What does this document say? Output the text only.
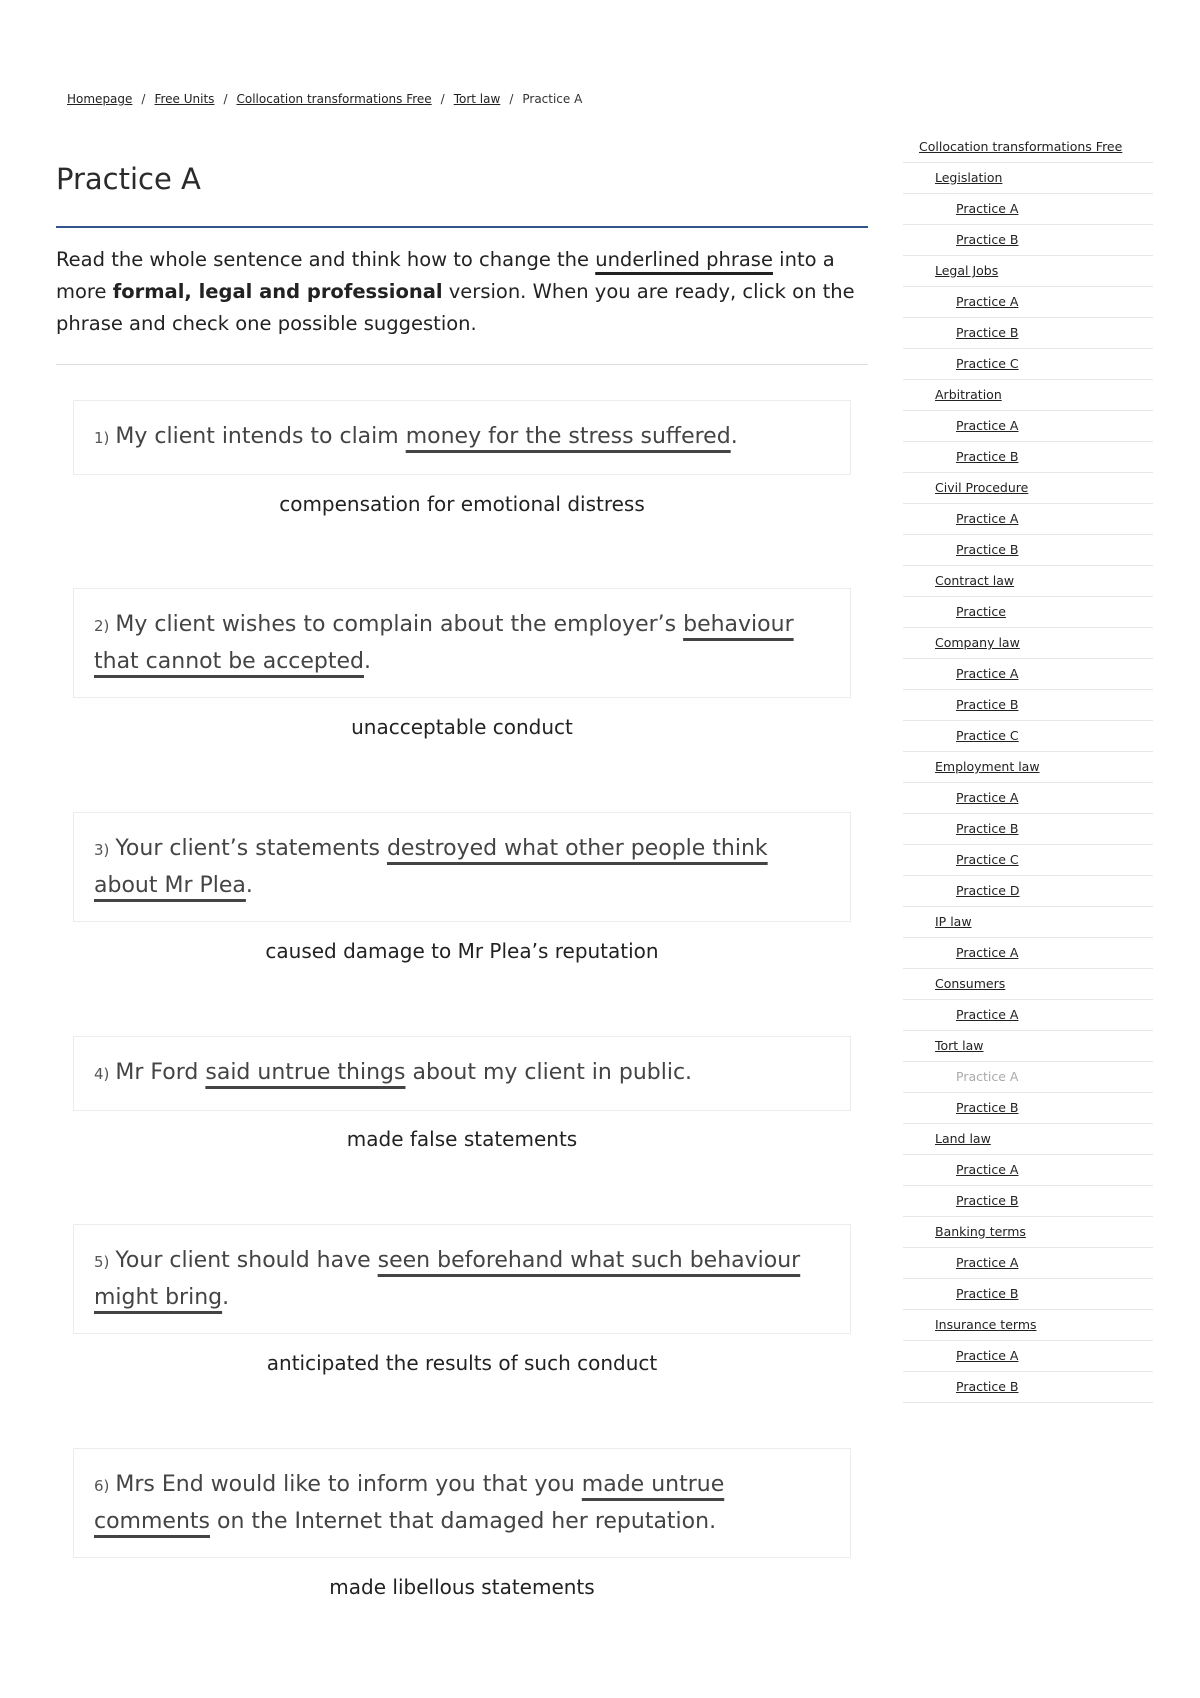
Homepage / Free Units / Collocation transformations Free / Tort law / Practice A
Practice A

Read the whole sentence and think how to change the underlined phrase into a more formal, legal and professional version. When you are ready, click on the phrase and check one possible suggestion.

1) My client intends to claim money for the stress suffered.
compensation for emotional distress
2) My client wishes to complain about the employer’s behaviour that cannot be accepted.
unacceptable conduct
3) Your client’s statements destroyed what other people think about Mr Plea.
caused damage to Mr Plea’s reputation
4) Mr Ford said untrue things about my client in public.
made false statements
5) Your client should have seen beforehand what such behaviour might bring.
anticipated the results of such conduct
6) Mrs End would like to inform you that you made untrue comments on the Internet that damaged her reputation.
made libellous statements
Collocation transformations Free
Legislation
Practice A
Practice B
Legal Jobs
Practice A
Practice B
Practice C
Arbitration
Practice A
Practice B
Civil Procedure
Practice A
Practice B
Contract law
Practice
Company law
Practice A
Practice B
Practice C
Employment law
Practice A
Practice B
Practice C
Practice D
IP law
Practice A
Consumers
Practice A
Tort law
Practice A
Practice B
Land law
Practice A
Practice B
Banking terms
Practice A
Practice B
Insurance terms
Practice A
Practice B
